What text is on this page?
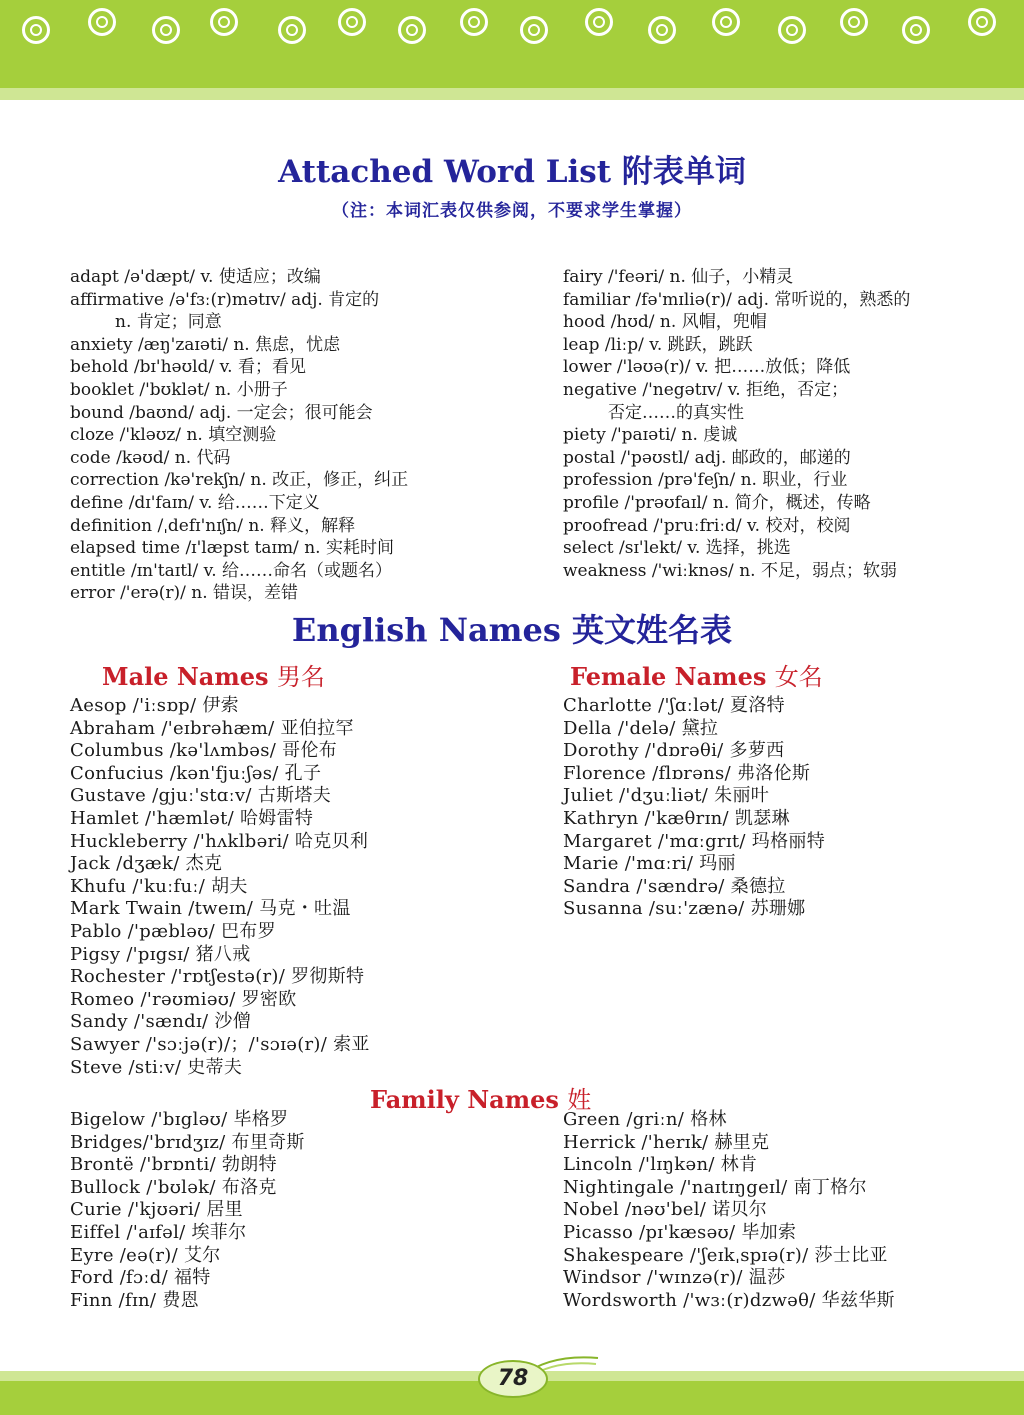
Attached Word List 附表单词
（注：本词汇表仅供参阅，不要求学生掌握）
adapt /ə'dæpt/ v. 使适应；改编
affirmative /ə'fɜː(r)mətɪv/ adj. 肯定的
n. 肯定；同意
anxiety /æŋ'zaɪəti/ n. 焦虑，忧虑
behold /bɪ'həʊld/ v. 看；看见
booklet /'bʊklət/ n. 小册子
bound /baʊnd/ adj. 一定会；很可能会
cloze /'kləʊz/ n. 填空测验
code /kəʊd/ n. 代码
correction /kə'rekʃn/ n. 改正，修正，纠正
define /dɪ'faɪn/ v. 给……下定义
definition /ˌdefɪ'nɪʃn/ n. 释义，解释
elapsed time /ɪ'læpst taɪm/ n. 实耗时间
entitle /ɪn'taɪtl/ v. 给……命名（或题名）
error /'erə(r)/ n. 错误，差错
fairy /'feəri/ n. 仙子，小精灵
familiar /fə'mɪliə(r)/ adj. 常听说的，熟悉的
hood /hʊd/ n. 风帽，兜帽
leap /liːp/ v. 跳跃，跳跃
lower /'ləʊə(r)/ v. 把……放低；降低
negative /'negətɪv/ v. 拒绝，否定；
否定……的真实性
piety /'paɪəti/ n. 虔诚
postal /'pəʊstl/ adj. 邮政的，邮递的
profession /prə'feʃn/ n. 职业，行业
profile /'prəʊfaɪl/ n. 简介，概述，传略
proofread /'pruːfriːd/ v. 校对，校阅
select /sɪ'lekt/ v. 选择，挑选
weakness /'wiːknəs/ n. 不足，弱点；软弱
English Names 英文姓名表
Male Names 男名	Female Names 女名
Aesop /'iːsɒp/ 伊索
Abraham /'eɪbrəhæm/ 亚伯拉罕
Columbus /kə'lʌmbəs/ 哥伦布
Confucius /kən'fjuːʃəs/ 孔子
Gustave /gjuː'stɑːv/ 古斯塔夫
Hamlet /'hæmlət/ 哈姆雷特
Huckleberry /'hʌklbəri/ 哈克贝利
Jack /dʒæk/ 杰克
Khufu /'kuːfuː/ 胡夫
Mark Twain /tweɪn/ 马克・吐温
Pablo /'pæbləʊ/ 巴布罗
Pigsy /'pɪgsɪ/ 猪八戒
Rochester /'rɒtʃestə(r)/ 罗彻斯特
Romeo /'rəʊmiəʊ/ 罗密欧
Sandy /'sændɪ/ 沙僧
Sawyer /'sɔːjə(r)/；/'sɔɪə(r)/ 索亚
Steve /stiːv/ 史蒂夫
Charlotte /'ʃɑːlət/ 夏洛特
Della /'delə/ 黛拉
Dorothy /'dɒrəθi/ 多萝西
Florence /flɒrəns/ 弗洛伦斯
Juliet /'dʒuːliət/ 朱丽叶
Kathryn /'kæθrɪn/ 凯瑟琳
Margaret /'mɑːgrɪt/ 玛格丽特
Marie /'mɑːri/ 玛丽
Sandra /'sændrə/ 桑德拉
Susanna /suː'zænə/ 苏珊娜
Family Names 姓
Bigelow /'bɪgləʊ/ 毕格罗
Bridges/'brɪdʒɪz/ 布里奇斯
Brontë /'brɒnti/ 勃朗特
Bullock /'bʊlək/ 布洛克
Curie /'kjʊəri/ 居里
Eiffel /'aɪfəl/ 埃菲尔
Eyre /eə(r)/ 艾尔
Ford /fɔːd/ 福特
Finn /fɪn/ 费恩
Green /griːn/ 格林
Herrick /'herɪk/ 赫里克
Lincoln /'lɪŋkən/ 林肯
Nightingale /'naɪtɪŋgeɪl/ 南丁格尔
Nobel /nəʊ'bel/ 诺贝尔
Picasso /pɪ'kæsəʊ/ 毕加索
Shakespeare /'ʃeɪkˌspɪə(r)/ 莎士比亚
Windsor /'wɪnzə(r)/ 温莎
Wordsworth /'wɜː(r)dzwəθ/ 华兹华斯
78
